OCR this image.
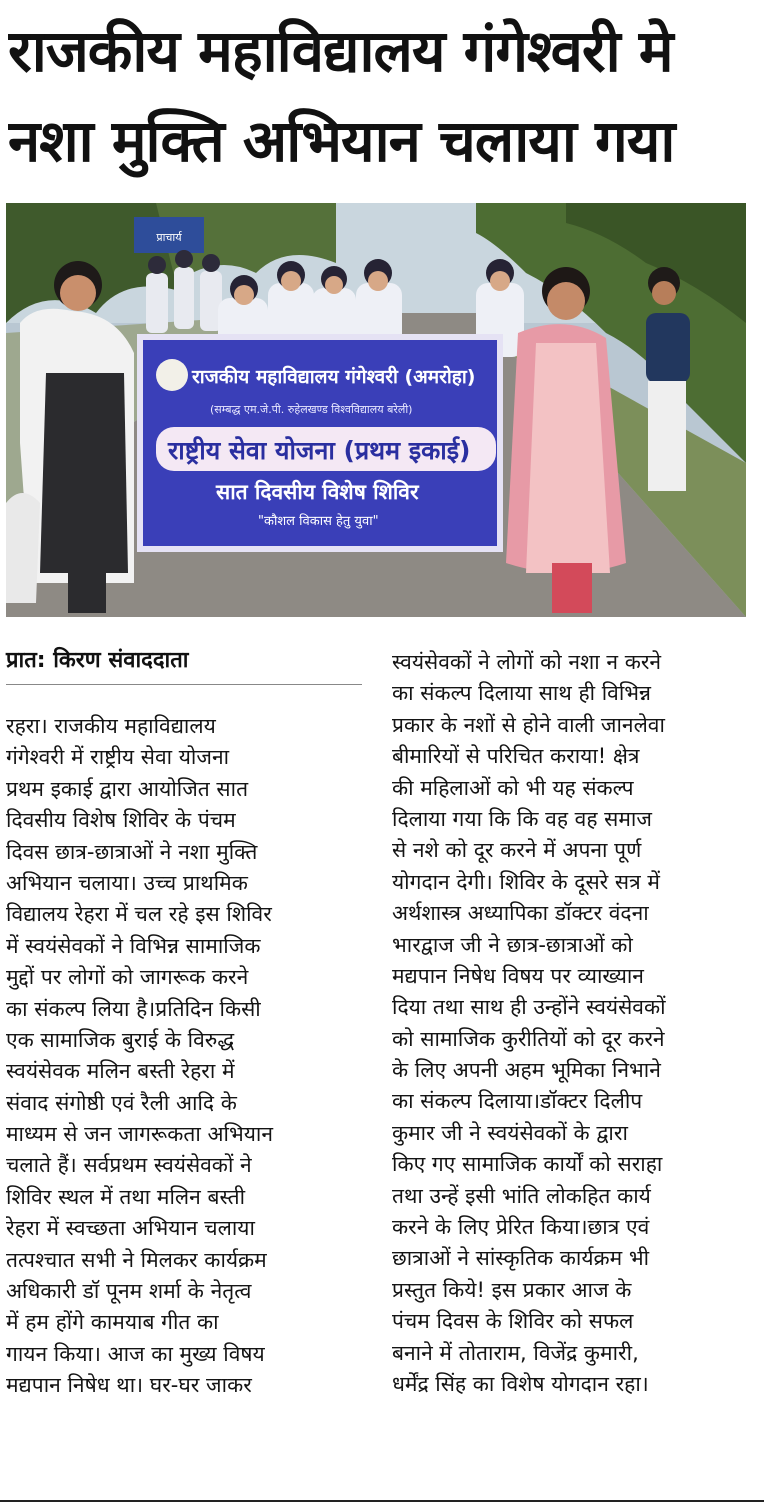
राजकीय महाविद्यालय गंगेश्वरी मे
नशा मुक्ति अभियान चलाया गया
प्राचार्य
राजकीय महाविद्यालय गंगेश्वरी (अमरोहा)
(सम्बद्ध एम.जे.पी. रुहेलखण्ड विश्वविद्यालय बरेली)
राष्ट्रीय सेवा योजना (प्रथम इकाई)
सात दिवसीय विशेष शिविर
"कौशल विकास हेतु युवा"
प्रात: किरण संवाददाता
रहरा। राजकीय महाविद्यालय
गंगेश्वरी में राष्ट्रीय सेवा योजना
प्रथम इकाई द्वारा आयोजित सात
दिवसीय विशेष शिविर के पंचम
दिवस छात्र-छात्राओं ने नशा मुक्ति
अभियान चलाया। उच्च प्राथमिक
विद्यालय रेहरा में चल रहे इस शिविर
में स्वयंसेवकों ने विभिन्न सामाजिक
मुद्दों पर लोगों को जागरूक करने
का संकल्प लिया है।प्रतिदिन किसी
एक सामाजिक बुराई के विरुद्ध
स्वयंसेवक मलिन बस्ती रेहरा में
संवाद संगोष्ठी एवं रैली आदि के
माध्यम से जन जागरूकता अभियान
चलाते हैं। सर्वप्रथम स्वयंसेवकों ने
शिविर स्थल में तथा मलिन बस्ती
रेहरा में स्वच्छता अभियान चलाया
तत्पश्चात सभी ने मिलकर कार्यक्रम
अधिकारी डॉ पूनम शर्मा के नेतृत्व
में हम होंगे कामयाब गीत का
गायन किया। आज का मुख्य विषय
मद्यपान निषेध था। घर-घर जाकर
स्वयंसेवकों ने लोगों को नशा न करने
का संकल्प दिलाया साथ ही विभिन्न
प्रकार के नशों से होने वाली जानलेवा
बीमारियों से परिचित कराया! क्षेत्र
की महिलाओं को भी यह संकल्प
दिलाया गया कि कि वह वह समाज
से नशे को दूर करने में अपना पूर्ण
योगदान देगी। शिविर के दूसरे सत्र में
अर्थशास्त्र अध्यापिका डॉक्टर वंदना
भारद्वाज जी ने छात्र-छात्राओं को
मद्यपान निषेध विषय पर व्याख्यान
दिया तथा साथ ही उन्होंने स्वयंसेवकों
को सामाजिक कुरीतियों को दूर करने
के लिए अपनी अहम भूमिका निभाने
का संकल्प दिलाया।डॉक्टर दिलीप
कुमार जी ने स्वयंसेवकों के द्वारा
किए गए सामाजिक कार्यों को सराहा
तथा उन्हें इसी भांति लोकहित कार्य
करने के लिए प्रेरित किया।छात्र एवं
छात्राओं ने सांस्कृतिक कार्यक्रम भी
प्रस्तुत किये! इस प्रकार आज के
पंचम दिवस के शिविर को सफल
बनाने में तोताराम, विजेंद्र कुमारी,
धर्मेंद्र सिंह का विशेष योगदान रहा।
